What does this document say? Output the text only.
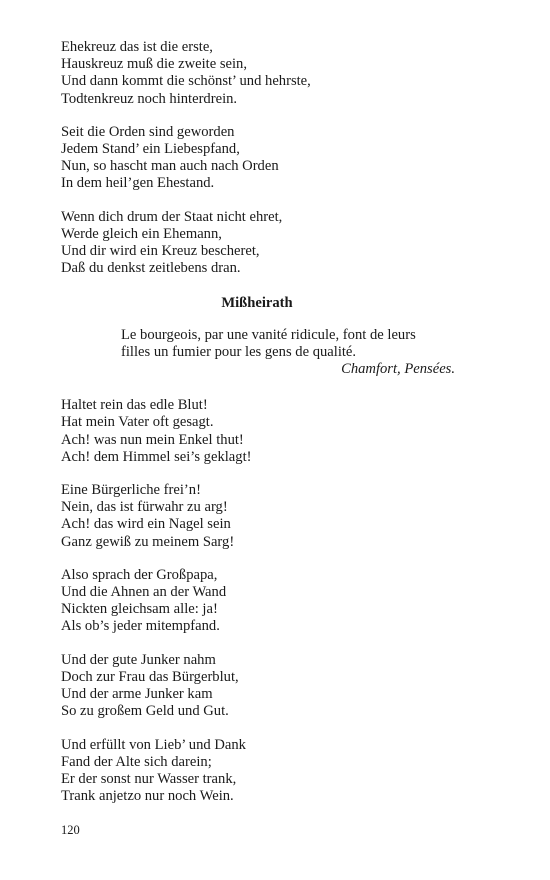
Ehekreuz das ist die erste,
Hauskreuz muß die zweite sein,
Und dann kommt die schönst’ und hehrste,
Todtenkreuz noch hinterdrein.
Seit die Orden sind geworden
Jedem Stand’ ein Liebespfand,
Nun, so hascht man auch nach Orden
In dem heil’gen Ehestand.
Wenn dich drum der Staat nicht ehret,
Werde gleich ein Ehemann,
Und dir wird ein Kreuz bescheret,
Daß du denkst zeitlebens dran.
Mißheirath
Le bourgeois, par une vanité ridicule, font de leurs
filles un fumier pour les gens de qualité.
Chamfort, Pensées.
Haltet rein das edle Blut!
Hat mein Vater oft gesagt.
Ach! was nun mein Enkel thut!
Ach! dem Himmel sei’s geklagt!
Eine Bürgerliche frei’n!
Nein, das ist fürwahr zu arg!
Ach! das wird ein Nagel sein
Ganz gewiß zu meinem Sarg!
Also sprach der Großpapa,
Und die Ahnen an der Wand
Nickten gleichsam alle: ja!
Als ob’s jeder mitempfand.
Und der gute Junker nahm
Doch zur Frau das Bürgerblut,
Und der arme Junker kam
So zu großem Geld und Gut.
Und erfüllt von Lieb’ und Dank
Fand der Alte sich darein;
Er der sonst nur Wasser trank,
Trank anjetzo nur noch Wein.
120
